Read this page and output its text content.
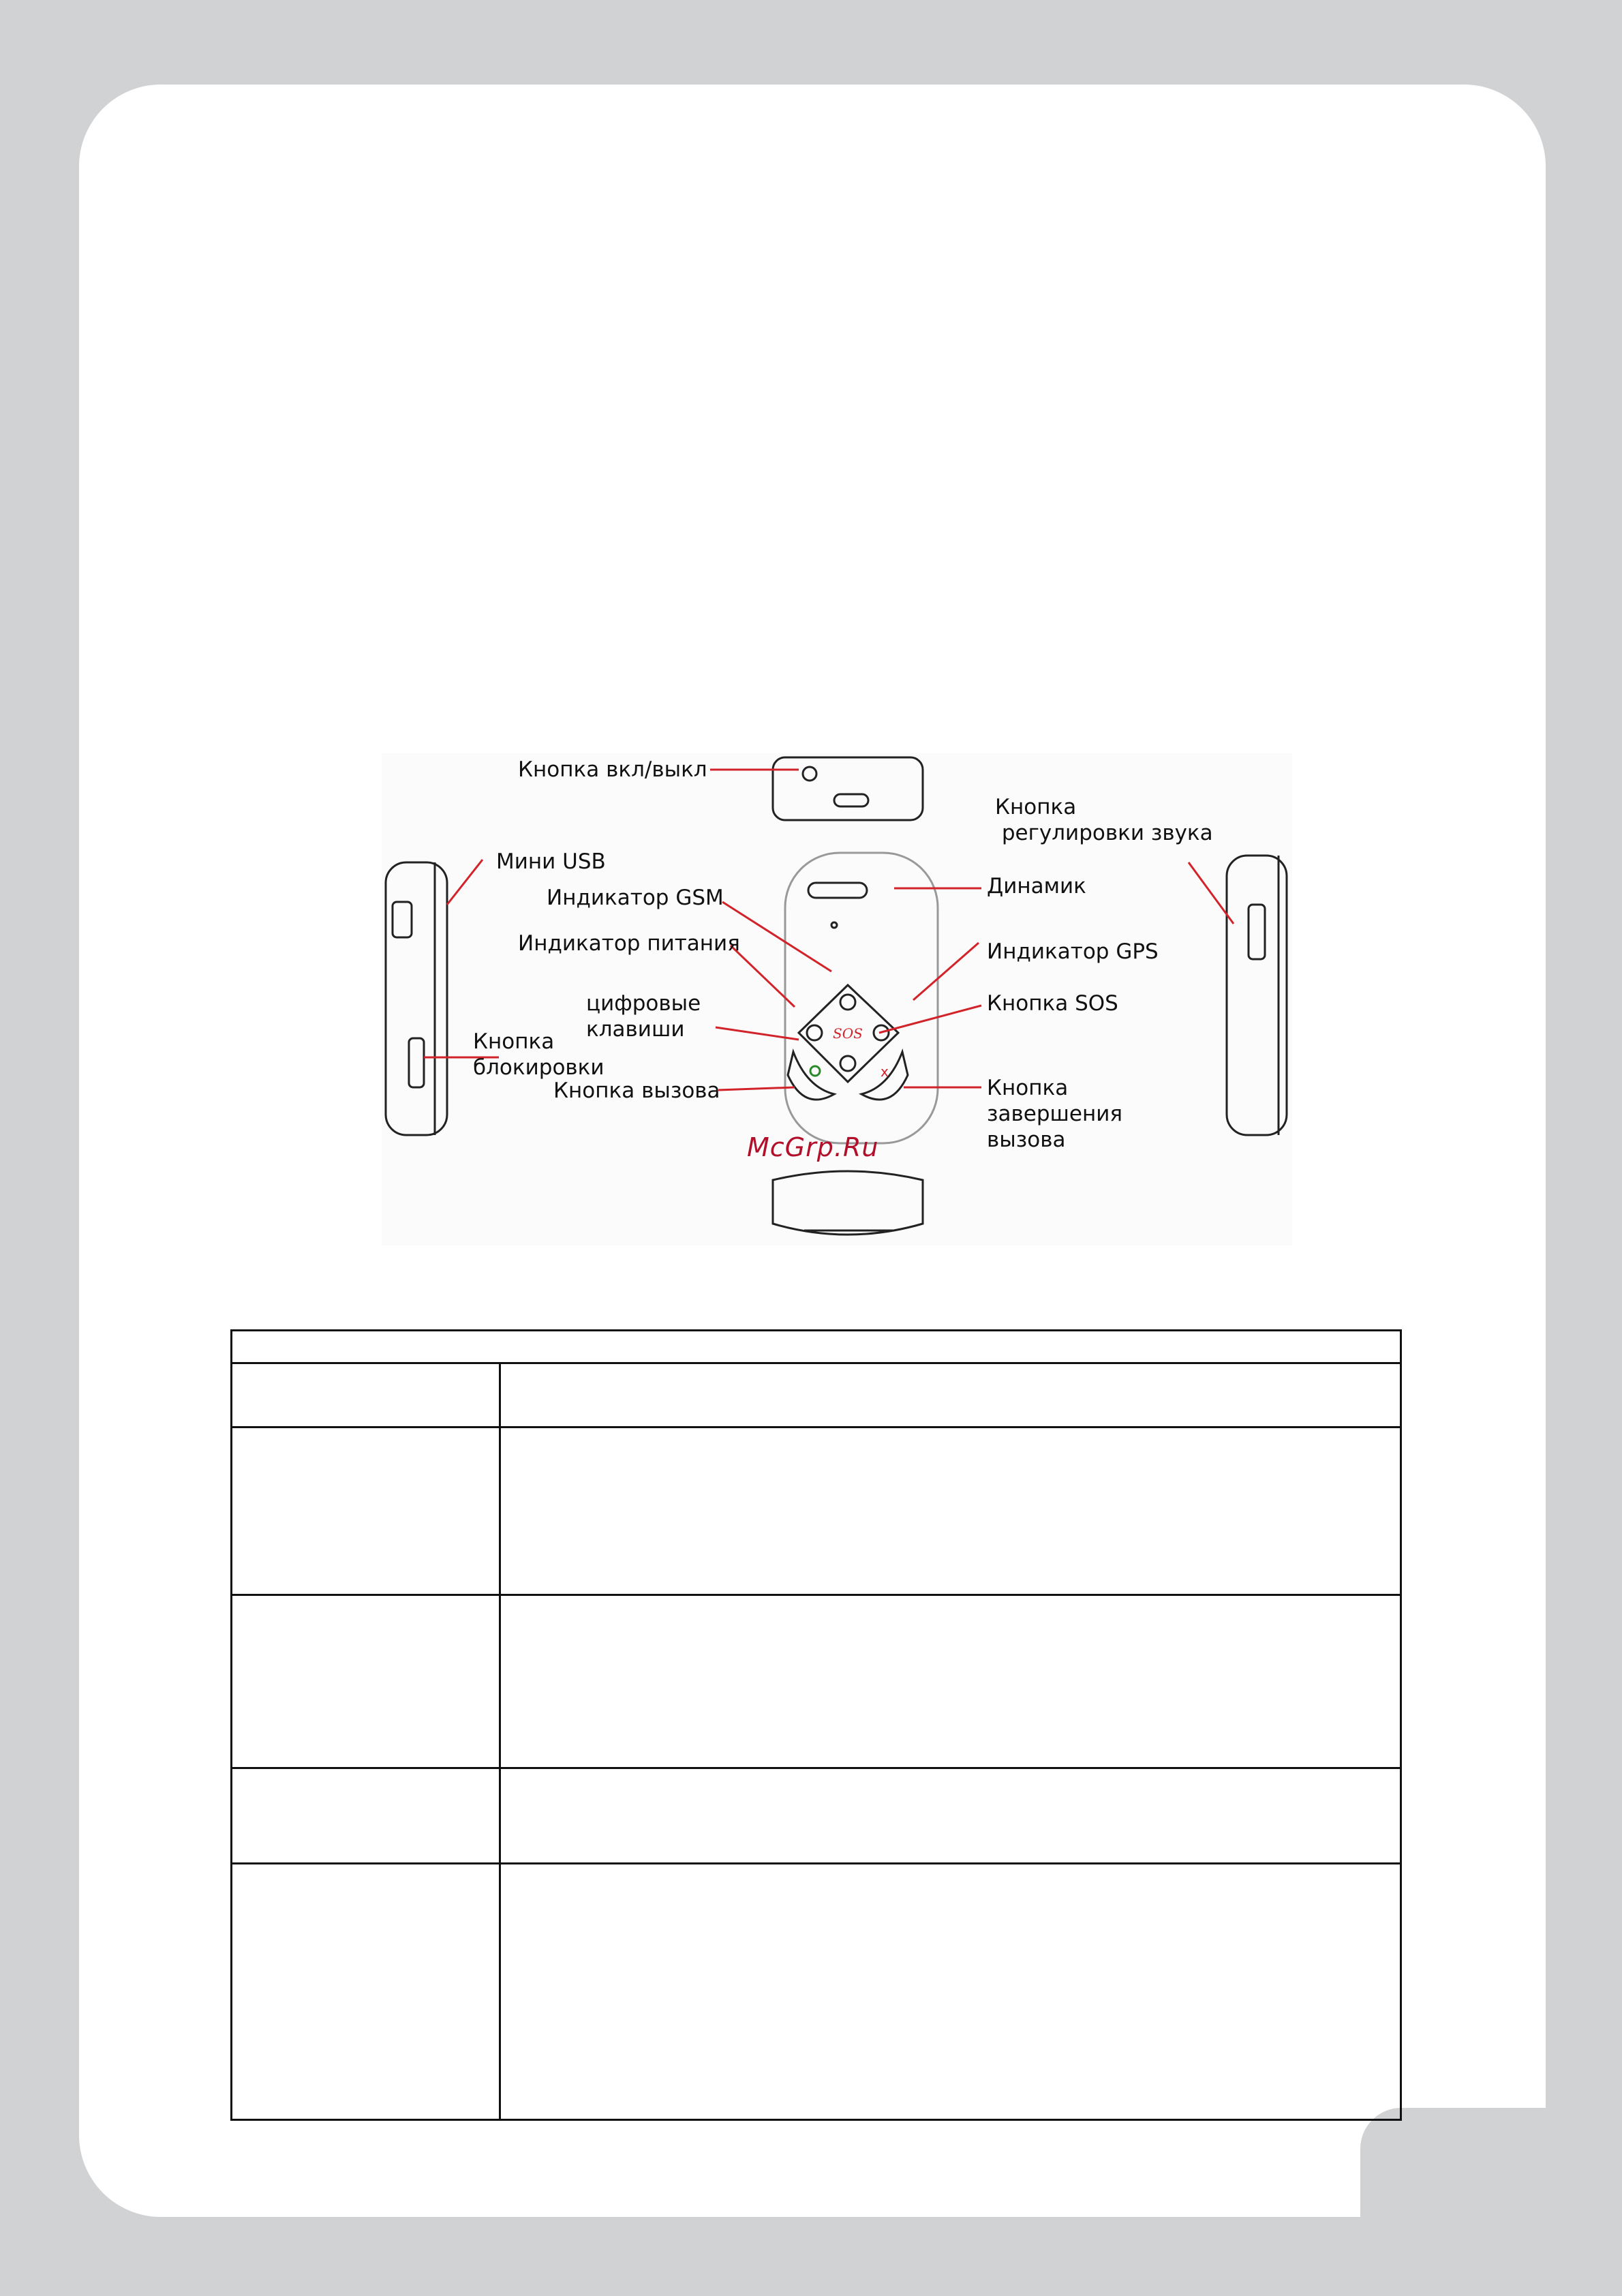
x
SOS
Кнопка вкл/выкл
Мини USB
Индикатор GSM
Индикатор питания
цифровые
клавиши
Кнопка
блокировки
Кнопка вызова
Кнопка
регулировки звука
Динамик
Индикатор GPS
Кнопка SOS
Кнопка
завершения
вызова
McGrp.Ru
